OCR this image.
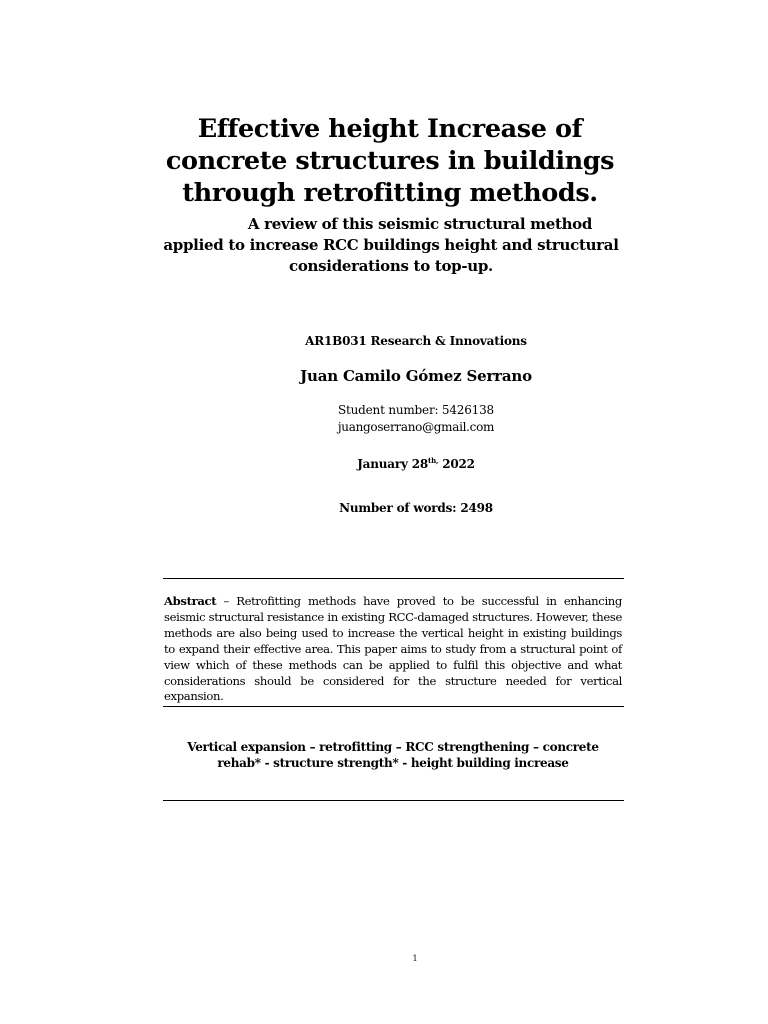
Effective height Increase of
concrete structures in buildings
through retrofitting methods.

A review of this seismic structural method
applied to increase RCC buildings height and structural
considerations to top-up.

AR1B031 Research & Innovations

Juan Camilo Gómez Serrano

Student number: 5426138

juangoserrano@gmail.com

January $28^{th,}$ 2022

Number of words: 2498

Abstract – Retrofitting methods have proved to be successful in enhancing seismic structural resistance in existing RCC-damaged structures. However, these methods are also being used to increase the vertical height in existing buildings to expand their effective area. This paper aims to study from a structural point of view which of these methods can be applied to fulfil this objective and what considerations should be considered for the structure needed for vertical expansion.

Vertical expansion – retrofitting – RCC strengthening – concrete
rehab* - structure strength* - height building increase

1
